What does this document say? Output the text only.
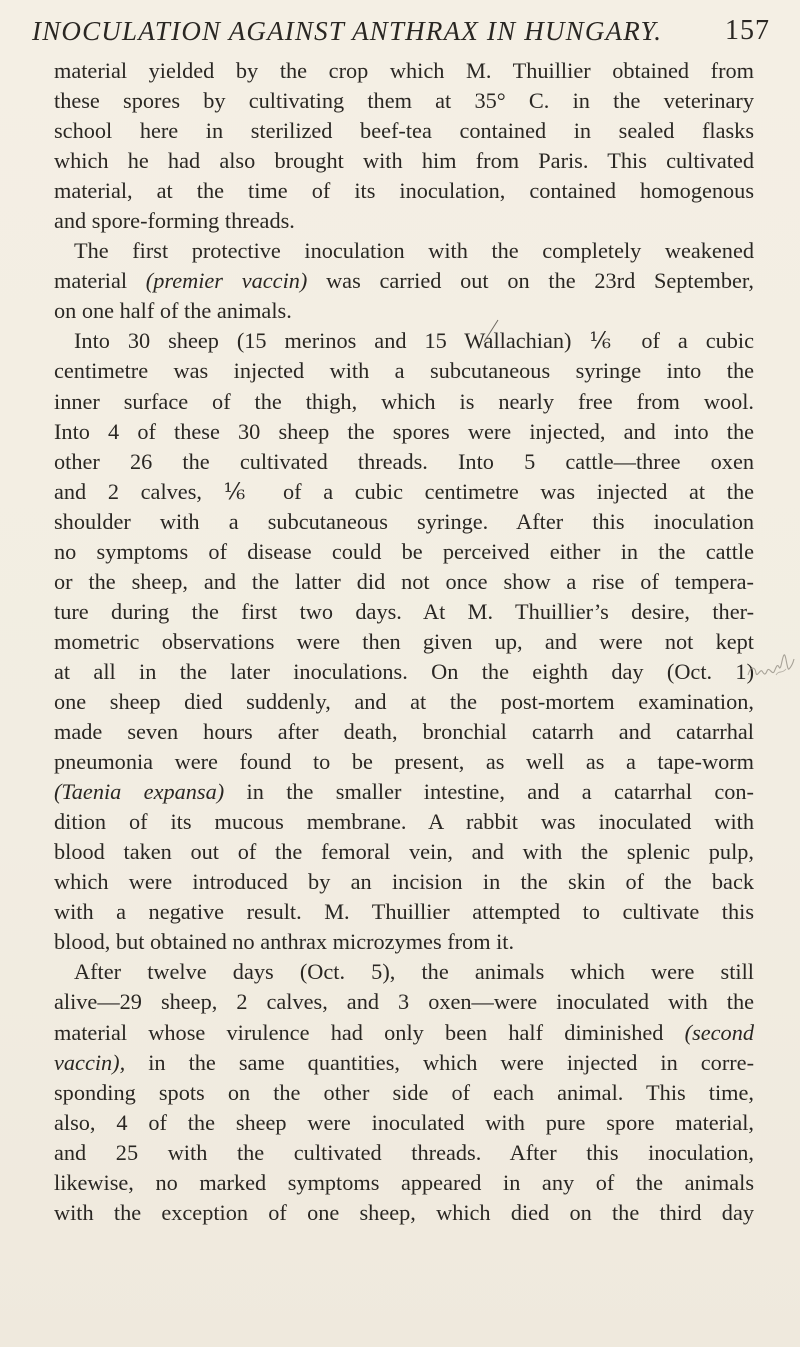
INOCULATION AGAINST ANTHRAX IN HUNGARY. 157
material yielded by the crop which M. Thuillier obtained from
these spores by cultivating them at 35° C. in the veterinary
school here in sterilized beef-tea contained in sealed flasks
which he had also brought with him from Paris. This cultivated
material, at the time of its inoculation, contained homogenous
and spore-forming threads.
The first protective inoculation with the completely weakened
material (premier vaccin) was carried out on the 23rd September,
on one half of the animals.
Into 30 sheep (15 merinos and 15 Wallachian) ⅙ of a cubic
centimetre was injected with a subcutaneous syringe into the
inner surface of the thigh, which is nearly free from wool.
Into 4 of these 30 sheep the spores were injected, and into the
other 26 the cultivated threads. Into 5 cattle—three oxen
and 2 calves, ⅙ of a cubic centimetre was injected at the
shoulder with a subcutaneous syringe. After this inoculation
no symptoms of disease could be perceived either in the cattle
or the sheep, and the latter did not once show a rise of tempera-
ture during the first two days. At M. Thuillier’s desire, ther-
mometric observations were then given up, and were not kept
at all in the later inoculations. On the eighth day (Oct. 1)
one sheep died suddenly, and at the post-mortem examination,
made seven hours after death, bronchial catarrh and catarrhal
pneumonia were found to be present, as well as a tape-worm
(Taenia expansa) in the smaller intestine, and a catarrhal con-
dition of its mucous membrane. A rabbit was inoculated with
blood taken out of the femoral vein, and with the splenic pulp,
which were introduced by an incision in the skin of the back
with a negative result. M. Thuillier attempted to cultivate this
blood, but obtained no anthrax microzymes from it.
After twelve days (Oct. 5), the animals which were still
alive—29 sheep, 2 calves, and 3 oxen—were inoculated with the
material whose virulence had only been half diminished (second
vaccin), in the same quantities, which were injected in corre-
sponding spots on the other side of each animal. This time,
also, 4 of the sheep were inoculated with pure spore material,
and 25 with the cultivated threads. After this inoculation,
likewise, no marked symptoms appeared in any of the animals
with the exception of one sheep, which died on the third day
